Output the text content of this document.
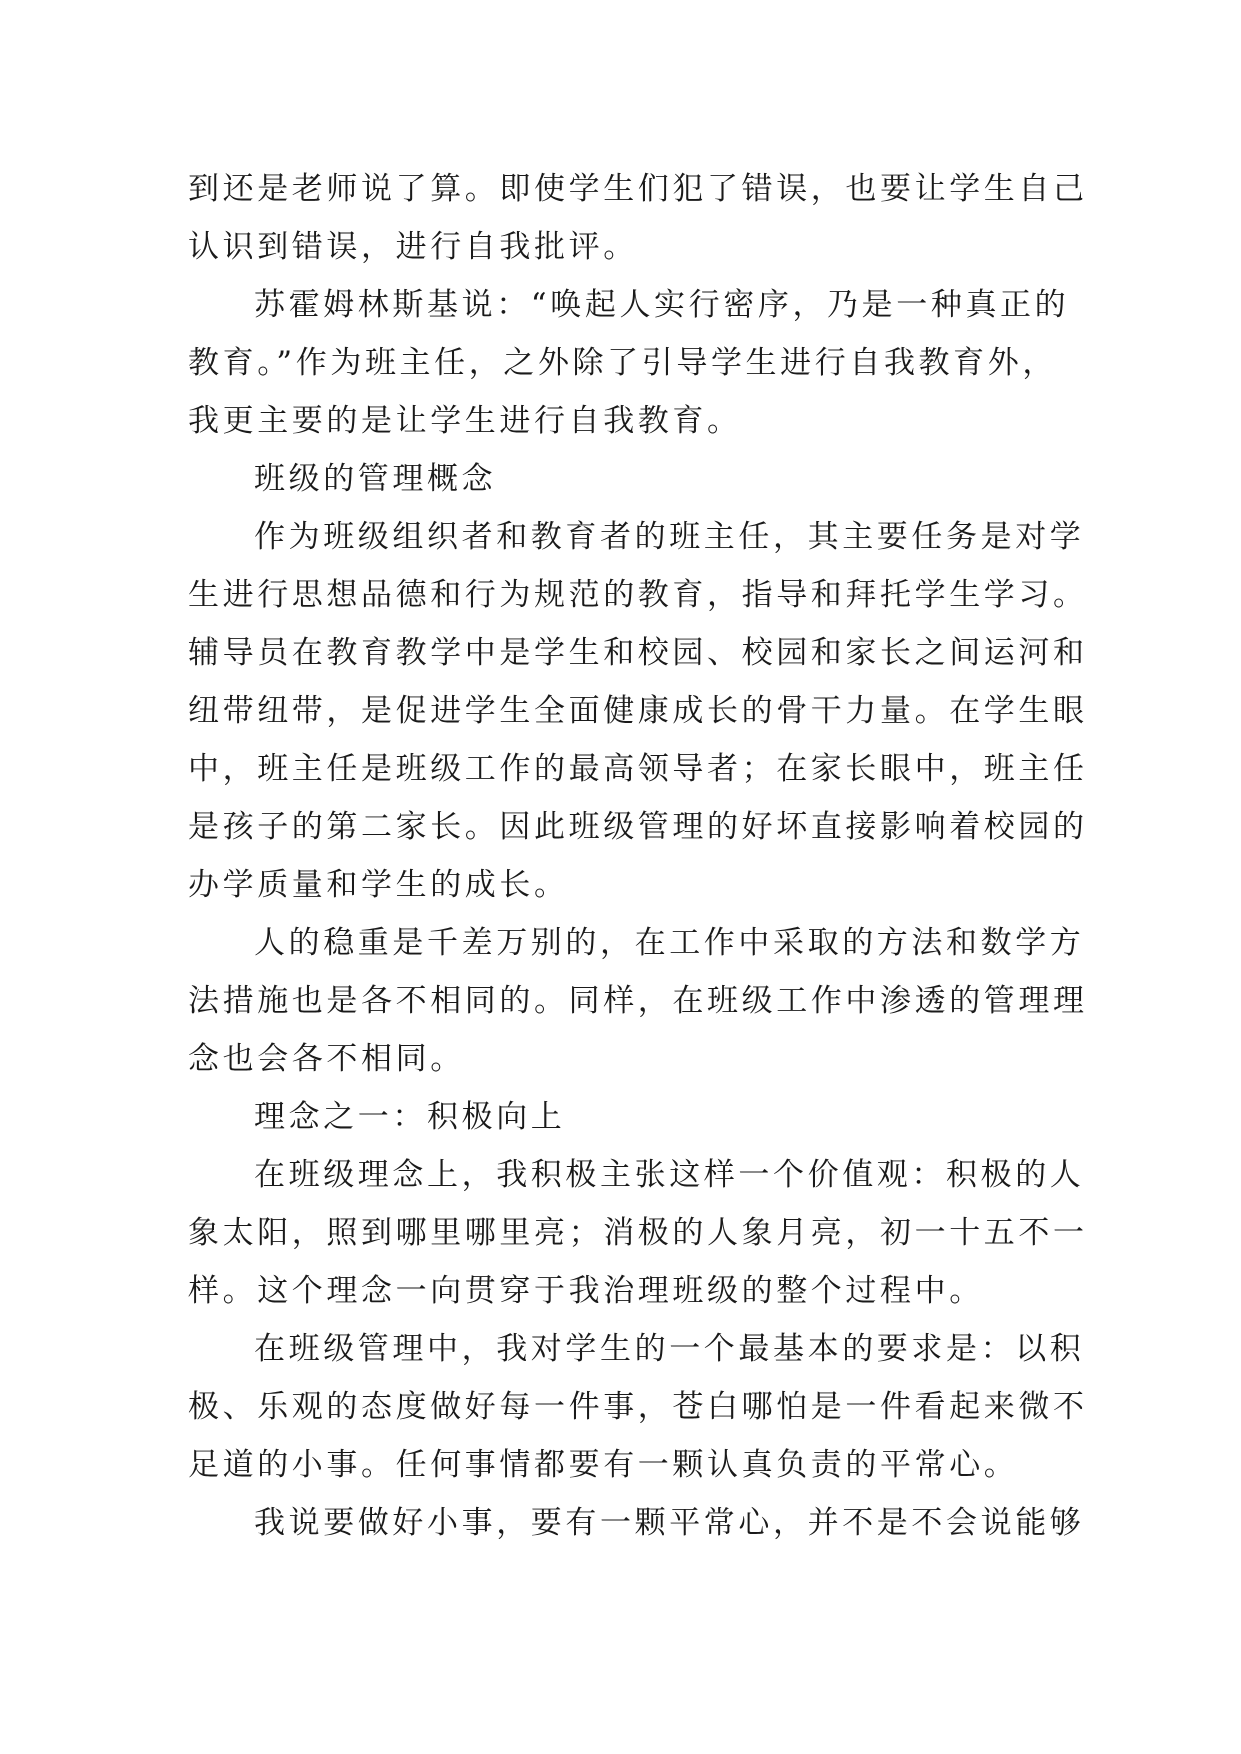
到还是老师说了算。即使学生们犯了错误，也要让学生自己
认识到错误，进行自我批评。
苏霍姆林斯基说：“唤起人实行密序，乃是一种真正的
教育。”作为班主任，之外除了引导学生进行自我教育外，
我更主要的是让学生进行自我教育。
班级的管理概念
作为班级组织者和教育者的班主任，其主要任务是对学
生进行思想品德和行为规范的教育，指导和拜托学生学习。
辅导员在教育教学中是学生和校园、校园和家长之间运河和
纽带纽带，是促进学生全面健康成长的骨干力量。在学生眼
中，班主任是班级工作的最高领导者；在家长眼中，班主任
是孩子的第二家长。因此班级管理的好坏直接影响着校园的
办学质量和学生的成长。
人的稳重是千差万别的，在工作中采取的方法和数学方
法措施也是各不相同的。同样，在班级工作中渗透的管理理
念也会各不相同。
理念之一：积极向上
在班级理念上，我积极主张这样一个价值观：积极的人
象太阳，照到哪里哪里亮；消极的人象月亮，初一十五不一
样。这个理念一向贯穿于我治理班级的整个过程中。
在班级管理中，我对学生的一个最基本的要求是：以积
极、乐观的态度做好每一件事，苍白哪怕是一件看起来微不
足道的小事。任何事情都要有一颗认真负责的平常心。
我说要做好小事，要有一颗平常心，并不是不会说能够
